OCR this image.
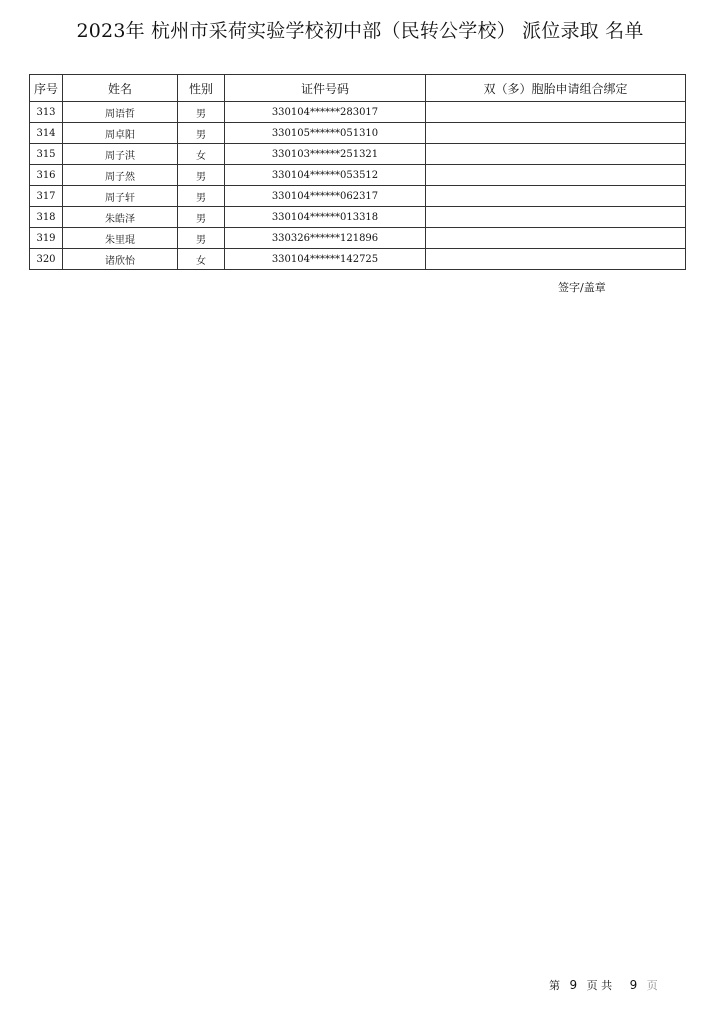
2023年 杭州市采荷实验学校初中部（民转公学校） 派位录取 名单
序号	姓名	性别	证件号码	双（多）胞胎申请组合绑定
313	周语哲	男	330104******283017	
314	周卓阳	男	330105******051310	
315	周子淇	女	330103******251321	
316	周子然	男	330104******053512	
317	周子轩	男	330104******062317	
318	朱皓泽	男	330104******013318	
319	朱里琨	男	330326******121896	
320	诸欣怡	女	330104******142725	
签字/盖章
第 9 页 共 9 页
